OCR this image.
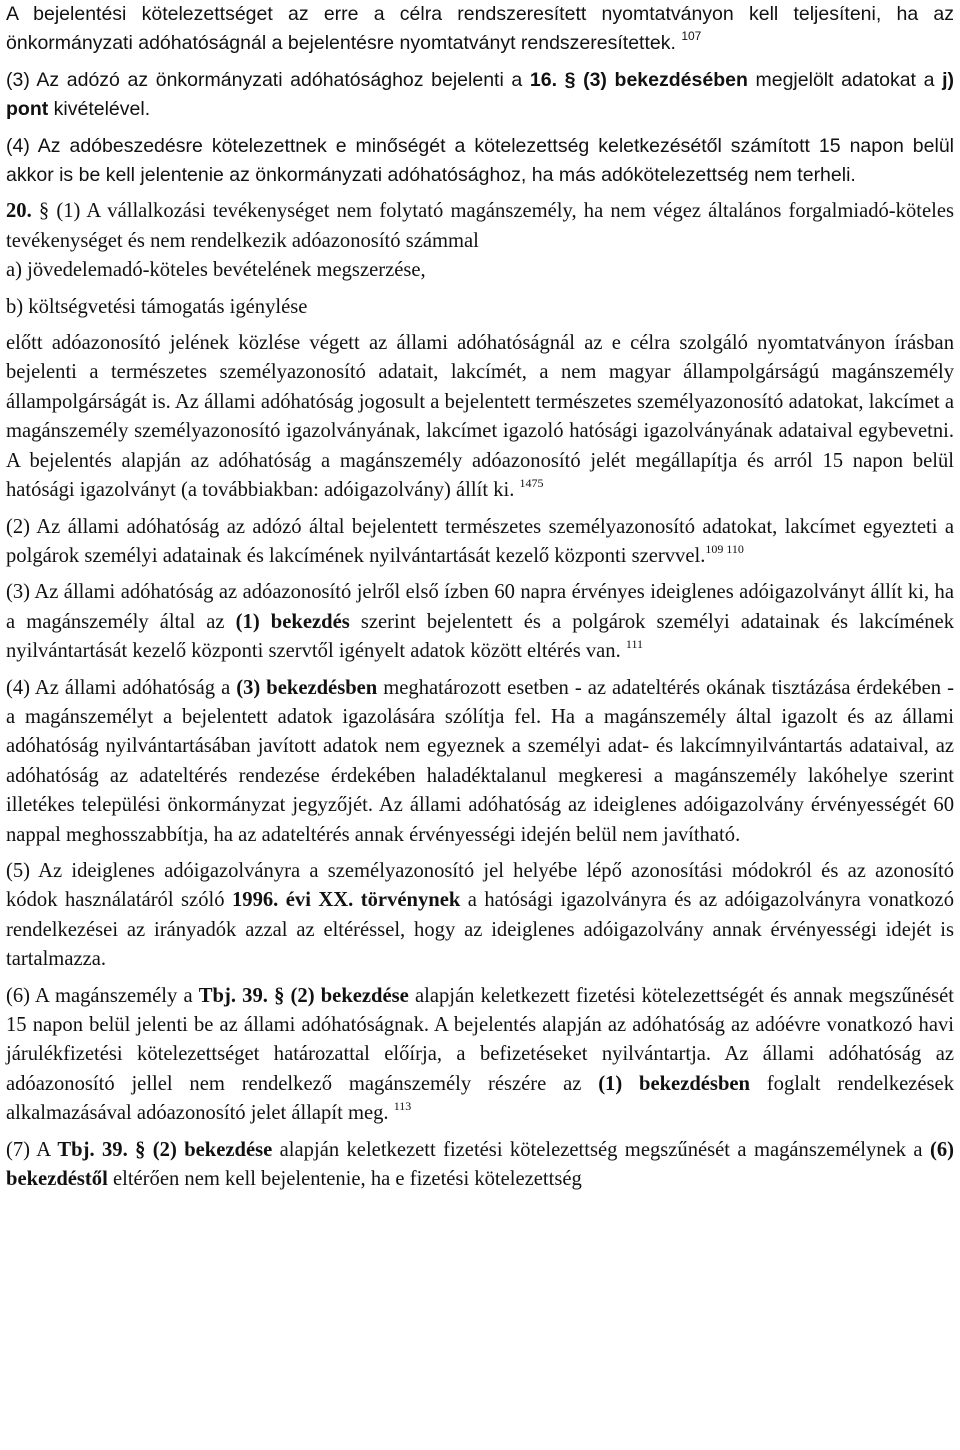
A bejelentési kötelezettséget az erre a célra rendszeresített nyomtatványon kell teljesíteni, ha az önkormányzati adóhatóságnál a bejelentésre nyomtatványt rendszeresítettek. $^{107}$

(3) Az adózó az önkormányzati adóhatósághoz bejelenti a 16. § (3) bekezdésében megjelölt adatokat a j) pont kivételével.

(4) Az adóbeszedésre kötelezettnek e minőségét a kötelezettség keletkezésétől számított 15 napon belül akkor is be kell jelentenie az önkormányzati adóhatósághoz, ha más adókötelezettség nem terheli.

20. § (1) A vállalkozási tevékenységet nem folytató magánszemély, ha nem végez általános forgalmiadó-köteles tevékenységet és nem rendelkezik adóazonosító számmal

a) jövedelemadó-köteles bevételének megszerzése,

b) költségvetési támogatás igénylése

előtt adóazonosító jelének közlése végett az állami adóhatóságnál az e célra szolgáló nyomtatványon írásban bejelenti a természetes személyazonosító adatait, lakcímét, a nem magyar állampolgárságú magánszemély állampolgárságát is. Az állami adóhatóság jogosult a bejelentett természetes személyazonosító adatokat, lakcímet a magánszemély személyazonosító igazolványának, lakcímet igazoló hatósági igazolványának adataival egybevetni. A bejelentés alapján az adóhatóság a magánszemély adóazonosító jelét megállapítja és arról 15 napon belül hatósági igazolványt (a továbbiakban: adóigazolvány) állít ki. $^{1475}$

(2) Az állami adóhatóság az adózó által bejelentett természetes személyazonosító adatokat, lakcímet egyezteti a polgárok személyi adatainak és lakcímének nyilvántartását kezelő központi szervvel.$^{109 110}$

(3) Az állami adóhatóság az adóazonosító jelről első ízben 60 napra érvényes ideiglenes adóigazolványt állít ki, ha a magánszemély által az (1) bekezdés szerint bejelentett és a polgárok személyi adatainak és lakcímének nyilvántartását kezelő központi szervtől igényelt adatok között eltérés van. $^{111}$

(4) Az állami adóhatóság a (3) bekezdésben meghatározott esetben - az adateltérés okának tisztázása érdekében - a magánszemélyt a bejelentett adatok igazolására szólítja fel. Ha a magánszemély által igazolt és az állami adóhatóság nyilvántartásában javított adatok nem egyeznek a személyi adat- és lakcímnyilvántartás adataival, az adóhatóság az adateltérés rendezése érdekében haladéktalanul megkeresi a magánszemély lakóhelye szerint illetékes települési önkormányzat jegyzőjét. Az állami adóhatóság az ideiglenes adóigazolvány érvényességét 60 nappal meghosszabbítja, ha az adateltérés annak érvényességi idején belül nem javítható.

(5) Az ideiglenes adóigazolványra a személyazonosító jel helyébe lépő azonosítási módokról és az azonosító kódok használatáról szóló 1996. évi XX. törvénynek a hatósági igazolványra és az adóigazolványra vonatkozó rendelkezései az irányadók azzal az eltéréssel, hogy az ideiglenes adóigazolvány annak érvényességi idejét is tartalmazza.

(6) A magánszemély a Tbj. 39. § (2) bekezdése alapján keletkezett fizetési kötelezettségét és annak megszűnését 15 napon belül jelenti be az állami adóhatóságnak. A bejelentés alapján az adóhatóság az adóévre vonatkozó havi járulékfizetési kötelezettséget határozattal előírja, a befizetéseket nyilvántartja. Az állami adóhatóság az adóazonosító jellel nem rendelkező magánszemély részére az (1) bekezdésben foglalt rendelkezések alkalmazásával adóazonosító jelet állapít meg. $^{113}$

(7) A Tbj. 39. § (2) bekezdése alapján keletkezett fizetési kötelezettség megszűnését a magánszemélynek a (6) bekezdéstől eltérően nem kell bejelentenie, ha e fizetési kötelezettség
